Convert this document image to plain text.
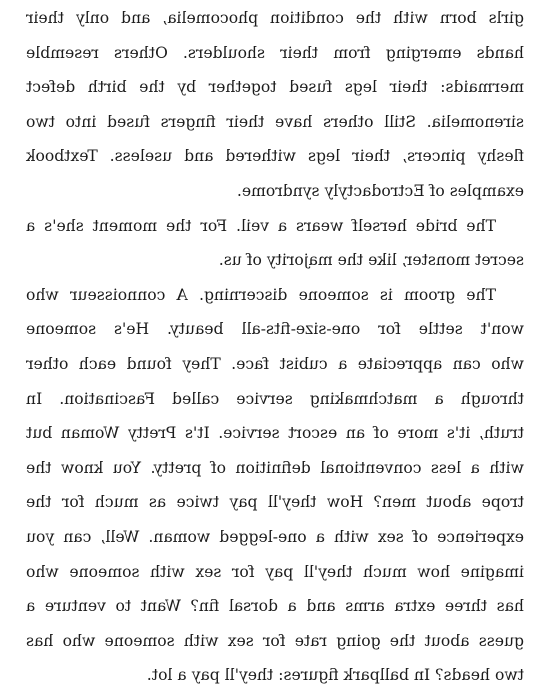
girls born with the condition phocomelia, and only their
hands emerging from their shoulders. Others resemble
mermaids: their legs fused together by the birth defect
sirenomelia. Still others have their fingers fused into two
fleshy pincers, their legs withered and useless. Textbook
examples of Ectrodactyly syndrome.
The bride herself wears a veil. For the moment she's a
secret monster, like the majority of us.
The groom is someone discerning. A connoisseur who
won't settle for one-size-fits-all beauty. He's someone
who can appreciate a cubist face. They found each other
through a matchmaking service called Fascination. In
truth, it's more of an escort service. It's Pretty Woman but
with a less conventional definition of pretty. You know the
trope about men? How they'll pay twice as much for the
experience of sex with a one-legged woman. Well, can you
imagine how much they'll pay for sex with someone who
has three extra arms and a dorsal fin? Want to venture a
guess about the going rate for sex with someone who has
two heads? In ballpark figures: they'll pay a lot.
